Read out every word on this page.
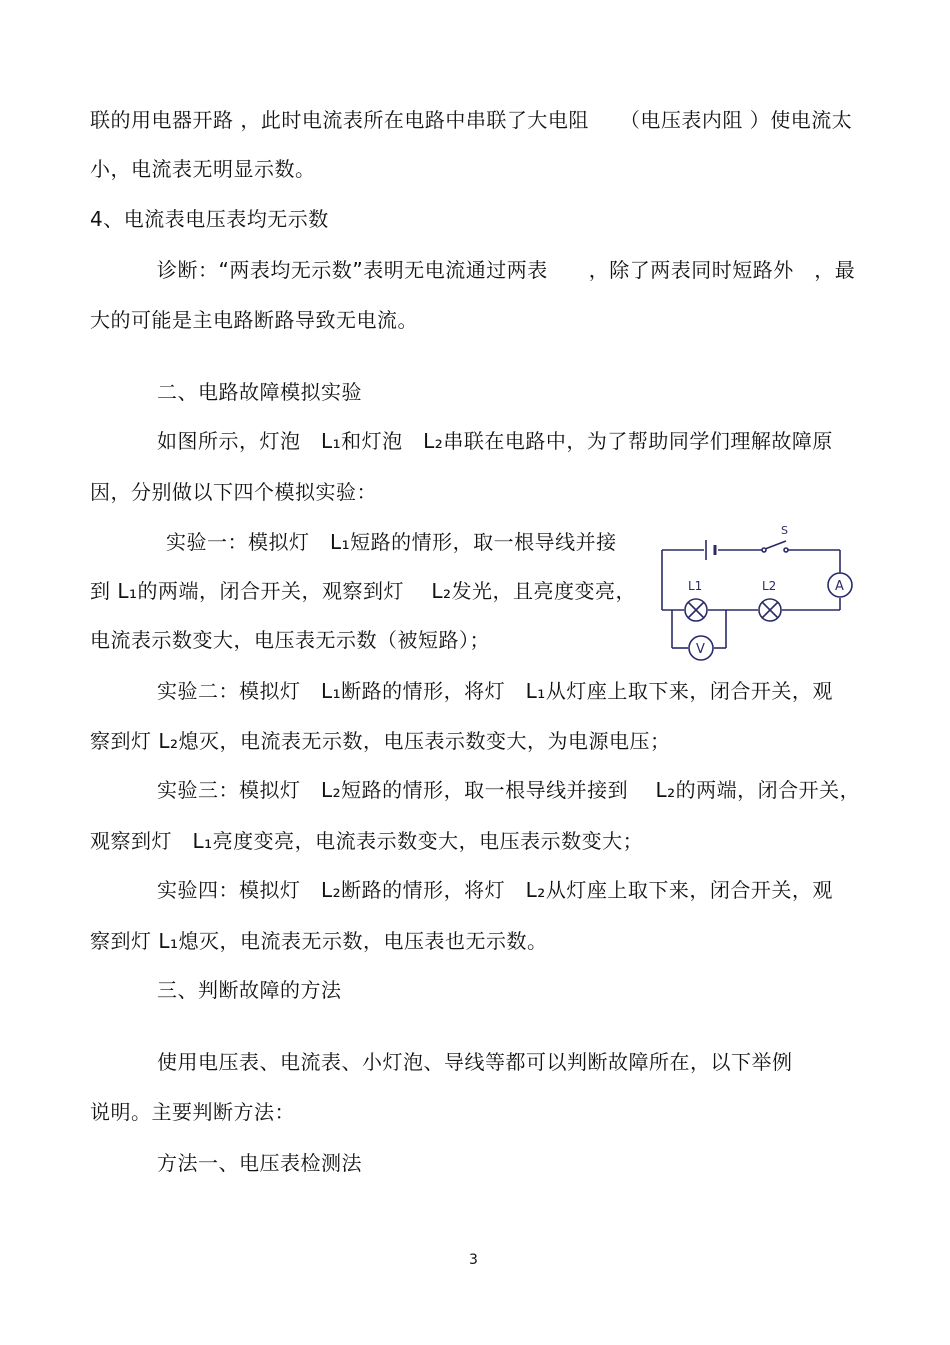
联的用电器开路 ，此时电流表所在电路中串联了大电阻　　（电压表内阻 ）使电流太
小，电流表无明显示数。
4、电流表电压表均无示数
诊断：“两表均无示数”表明无电流通过两表　　，除了两表同时短路外　，最
大的可能是主电路断路导致无电流。
二、电路故障模拟实验
如图所示，灯泡　L₁和灯泡　L₂串联在电路中，为了帮助同学们理解故障原
因，分别做以下四个模拟实验：
实验一：模拟灯　L₁短路的情形，取一根导线并接
到 L₁的两端，闭合开关，观察到灯　 L₂发光，且亮度变亮，
电流表示数变大，电压表无示数（被短路）；
实验二：模拟灯　L₁断路的情形，将灯　L₁从灯座上取下来，闭合开关，观
察到灯 L₂熄灭，电流表无示数，电压表示数变大，为电源电压；
实验三：模拟灯　L₂短路的情形，取一根导线并接到　 L₂的两端，闭合开关，
观察到灯　L₁亮度变亮，电流表示数变大，电压表示数变大；
实验四：模拟灯　L₂断路的情形，将灯　L₂从灯座上取下来，闭合开关，观
察到灯 L₁熄灭，电流表无示数，电压表也无示数。
三、判断故障的方法
使用电压表、电流表、小灯泡、导线等都可以判断故障所在，以下举例
说明。主要判断方法：
方法一、电压表检测法
S
L1	L2	A
V
3
